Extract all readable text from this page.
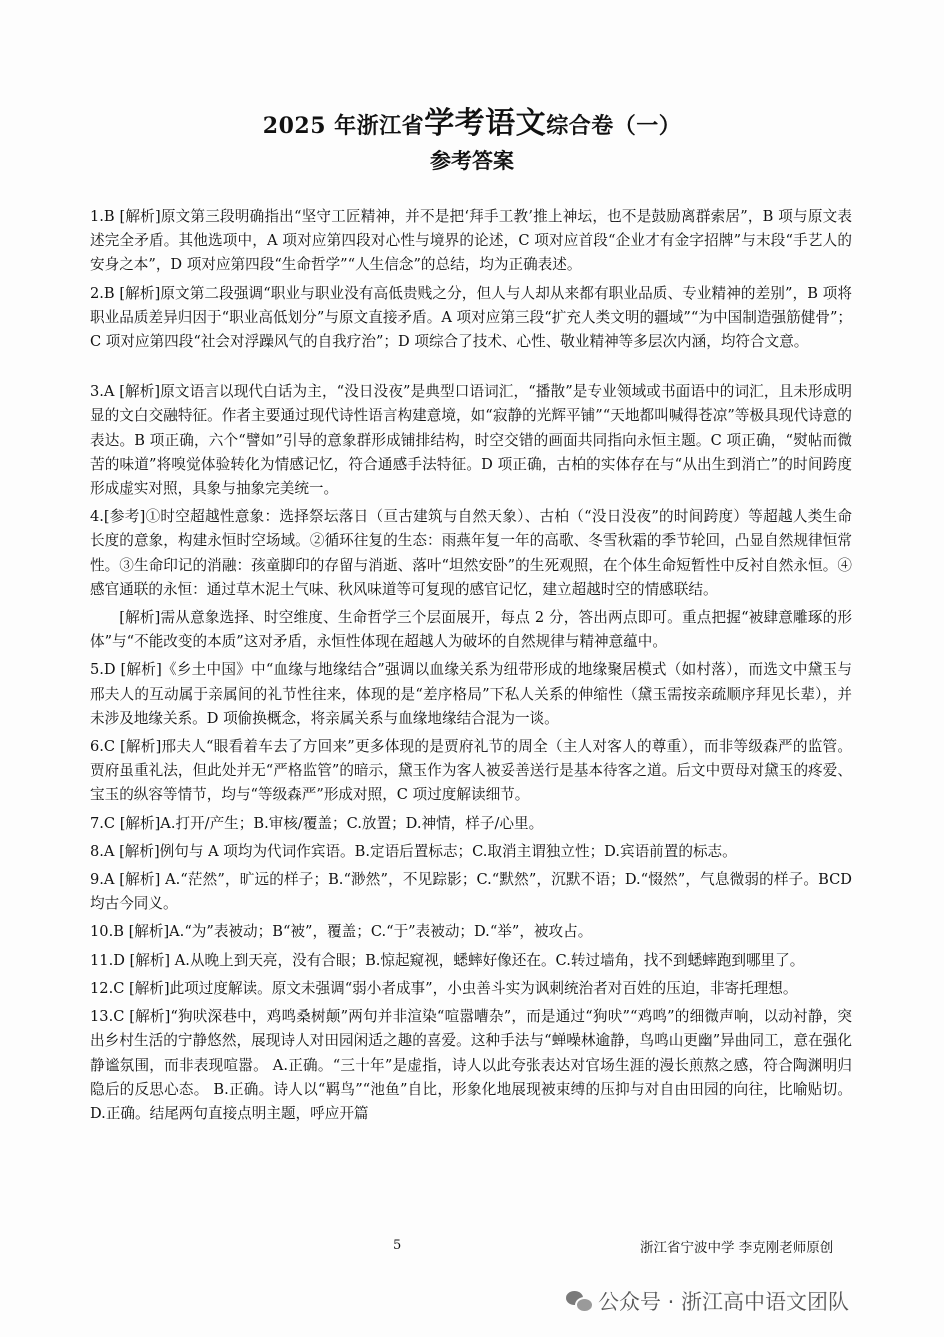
2025 年浙江省学考语文综合卷（一）
参考答案

1.B [解析]原文第三段明确指出“坚守工匠精神，并不是把‘拜手工教’推上神坛，也不是鼓励离群索居”，B 项与原文表述完全矛盾。其他选项中，A 项对应第四段对心性与境界的论述，C 项对应首段“企业才有金字招牌”与末段“手艺人的安身之本”，D 项对应第四段“生命哲学”“人生信念”的总结，均为正确表述。

2.B [解析]原文第二段强调“职业与职业没有高低贵贱之分，但人与人却从来都有职业品质、专业精神的差别”，B 项将职业品质差异归因于“职业高低划分”与原文直接矛盾。A 项对应第三段“扩充人类文明的疆域”“为中国制造强筋健骨”；C 项对应第四段“社会对浮躁风气的自我疗治”；D 项综合了技术、心性、敬业精神等多层次内涵，均符合文意。

3.A [解析]原文语言以现代白话为主，“没日没夜”是典型口语词汇，“播散”是专业领域或书面语中的词汇，且未形成明显的文白交融特征。作者主要通过现代诗性语言构建意境，如“寂静的光辉平铺”“天地都叫喊得苍凉”等极具现代诗意的表达。B 项正确，六个“譬如”引导的意象群形成铺排结构，时空交错的画面共同指向永恒主题。C 项正确，“熨帖而微苦的味道”将嗅觉体验转化为情感记忆，符合通感手法特征。D 项正确，古柏的实体存在与“从出生到消亡”的时间跨度形成虚实对照，具象与抽象完美统一。

4.[参考]①时空超越性意象：选择祭坛落日（亘古建筑与自然天象）、古柏（“没日没夜”的时间跨度）等超越人类生命长度的意象，构建永恒时空场域。②循环往复的生态：雨燕年复一年的高歌、冬雪秋霜的季节轮回，凸显自然规律恒常性。③生命印记的消融：孩童脚印的存留与消逝、落叶“坦然安卧”的生死观照，在个体生命短暂性中反衬自然永恒。④感官通联的永恒：通过草木泥土气味、秋风味道等可复现的感官记忆，建立超越时空的情感联结。

[解析]需从意象选择、时空维度、生命哲学三个层面展开，每点 2 分，答出两点即可。重点把握“被肆意雕琢的形体”与“不能改变的本质”这对矛盾，永恒性体现在超越人为破坏的自然规律与精神意蕴中。

5.D [解析]《乡土中国》中“血缘与地缘结合”强调以血缘关系为纽带形成的地缘聚居模式（如村落），而选文中黛玉与邢夫人的互动属于亲属间的礼节性往来，体现的是“差序格局”下私人关系的伸缩性（黛玉需按亲疏顺序拜见长辈），并未涉及地缘关系。D 项偷换概念，将亲属关系与血缘地缘结合混为一谈。

6.C [解析]邢夫人“眼看着车去了方回来”更多体现的是贾府礼节的周全（主人对客人的尊重），而非等级森严的监管。贾府虽重礼法，但此处并无“严格监管”的暗示，黛玉作为客人被妥善送行是基本待客之道。后文中贾母对黛玉的疼爱、宝玉的纵容等情节，均与“等级森严”形成对照，C 项过度解读细节。

7.C [解析]A.打开/产生；B.审核/覆盖；C.放置；D.神情，样子/心里。

8.A [解析]例句与 A 项均为代词作宾语。B.定语后置标志；C.取消主谓独立性；D.宾语前置的标志。

9.A [解析] A.“茫然”，旷远的样子；B.“渺然”，不见踪影；C.“默然”，沉默不语；D.“惙然”，气息微弱的样子。BCD 均古今同义。

10.B [解析]A.“为”表被动；B“被”，覆盖；C.“于”表被动；D.“举”，被攻占。

11.D [解析] A.从晚上到天亮，没有合眼；B.惊起窥视，蟋蟀好像还在。C.转过墙角，找不到蟋蟀跑到哪里了。

12.C [解析]此项过度解读。原文未强调“弱小者成事”，小虫善斗实为讽刺统治者对百姓的压迫，非寄托理想。

13.C [解析]“狗吠深巷中，鸡鸣桑树颠”两句并非渲染“喧嚣嘈杂”，而是通过“狗吠”“鸡鸣”的细微声响，以动衬静，突出乡村生活的宁静悠然，展现诗人对田园闲适之趣的喜爱。这种手法与“蝉噪林逾静，鸟鸣山更幽”异曲同工，意在强化静谧氛围，而非表现喧嚣。 A.正确。“三十年”是虚指，诗人以此夸张表达对官场生涯的漫长煎熬之感，符合陶渊明归隐后的反思心态。 B.正确。诗人以“羁鸟”“池鱼”自比，形象化地展现被束缚的压抑与对自由田园的向往，比喻贴切。 D.正确。结尾两句直接点明主题，呼应开篇

5	浙江省宁波中学 李克刚老师原创
公众号 · 浙江高中语文团队
